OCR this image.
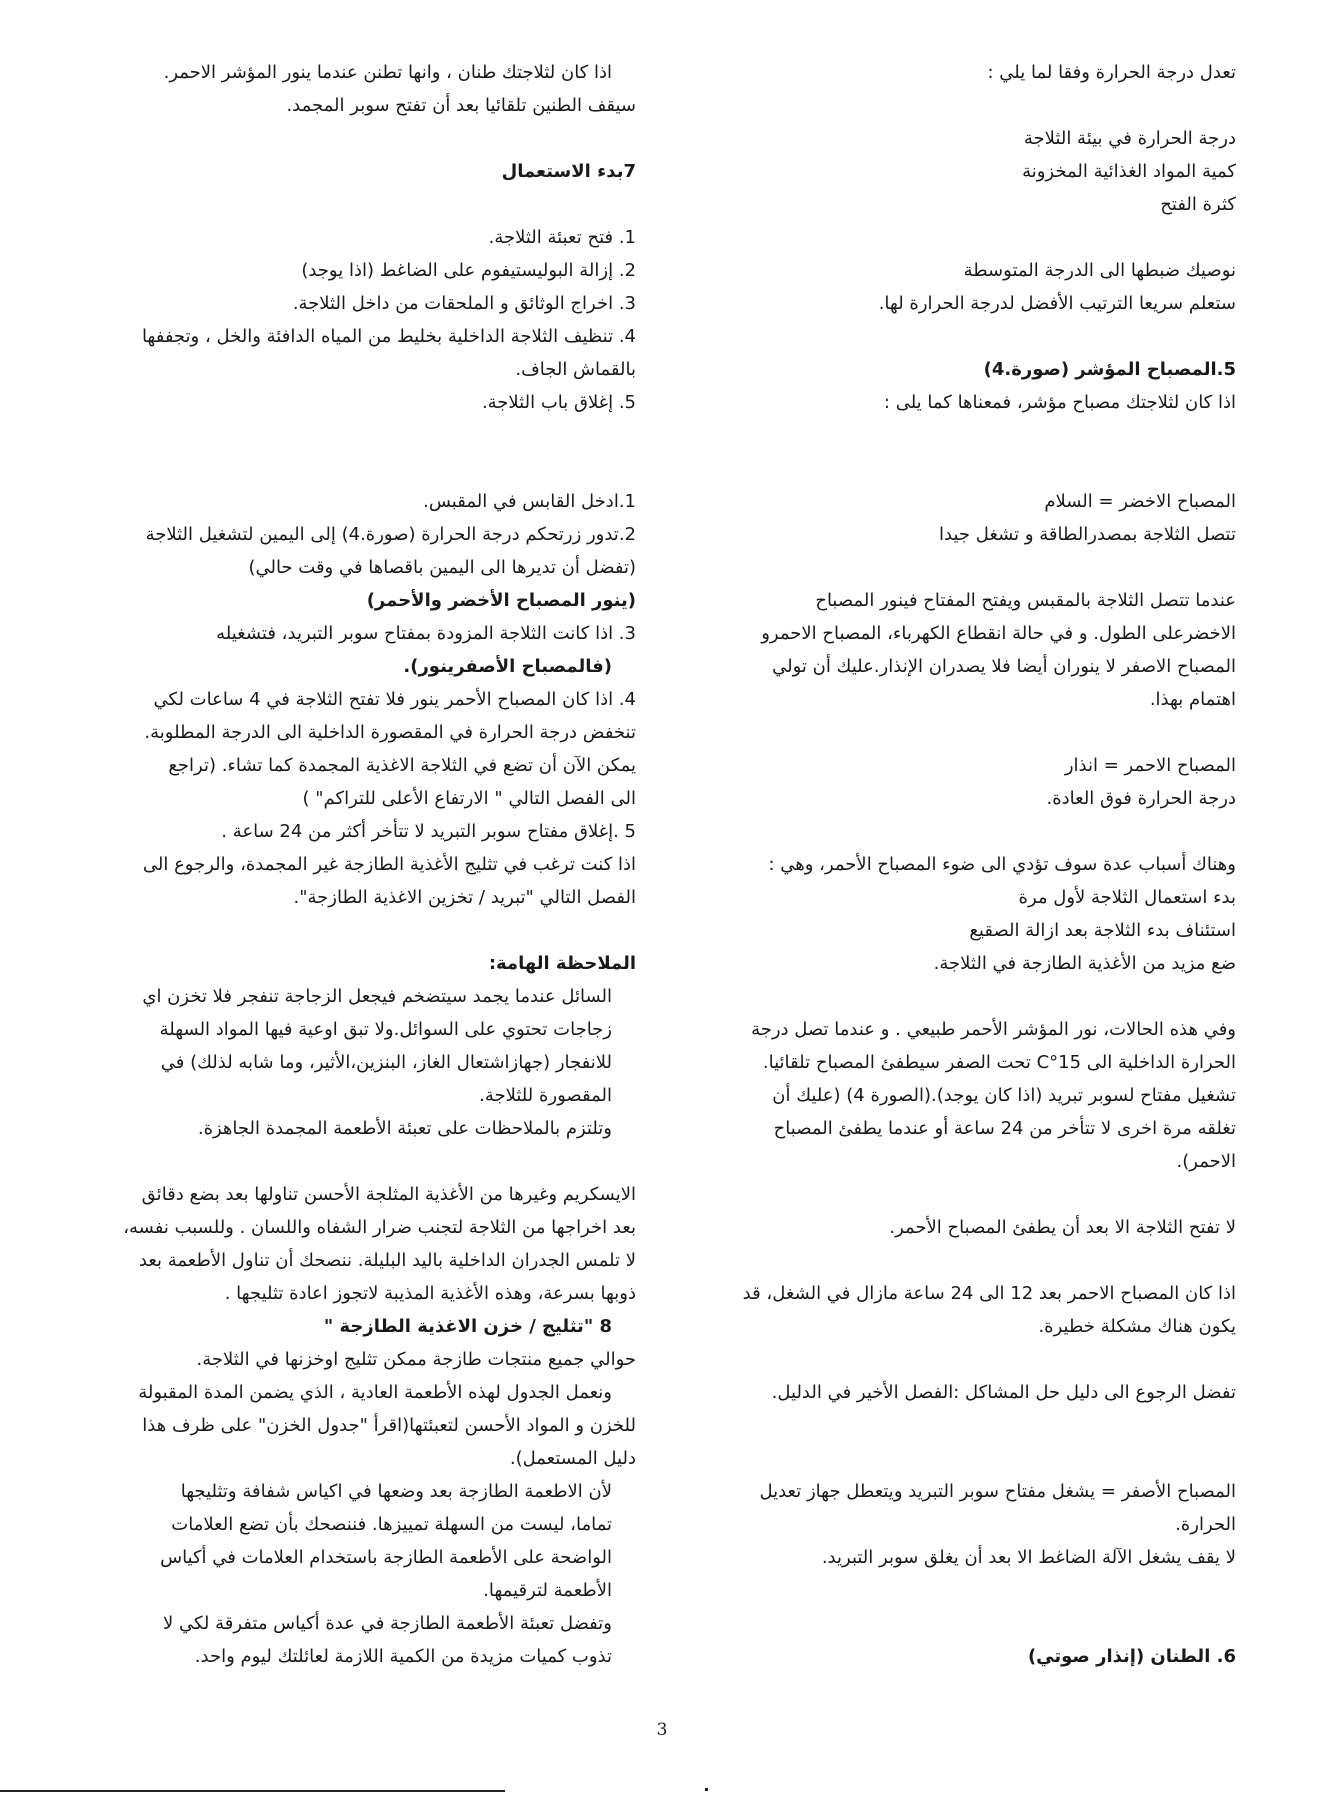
تعدل درجة الحرارة وفقا لما يلي :
درجة الحرارة في بيئة الثلاجة
كمية المواد الغذائية المخزونة
كثرة الفتح
نوصيك ضبطها الى الدرجة المتوسطة
ستعلم سريعا الترتيب الأفضل لدرجة الحرارة لها.
5.المصباح المؤشر (صورة.4)
اذا كان لثلاجتك مصباح مؤشر، فمعناها كما يلى :
المصباح الاخضر = السلام
تتصل الثلاجة بمصدرالطاقة و تشغل جيدا
عندما تتصل الثلاجة بالمقبس ويفتح المفتاح فينور المصباح
الاخضرعلى الطول. و في حالة انقطاع الكهرباء، المصباح الاحمرو
المصباح الاصفر لا ينوران أيضا فلا يصدران الإنذار.عليك أن تولي
اهتمام بهذا.
المصباح الاحمر = انذار
درجة الحرارة فوق العادة.
وهناك أسباب عدة سوف تؤدي الى ضوء المصباح الأحمر، وهي :
بدء استعمال الثلاجة لأول مرة
استئناف بدء الثلاجة بعد ازالة الصقيع
ضع مزيد من الأغذية الطازجة في الثلاجة.
وفي هذه الحالات، نور المؤشر الأحمر طبيعي . و عندما تصل درجة
الحرارة الداخلية الى 15°C تحت الصفر سيطفئ المصباح تلقائيا.
تشغيل مفتاح لسوبر تبريد (اذا كان يوجد).(الصورة 4) (عليك أن
تغلقه مرة اخرى لا تتأخر من 24 ساعة أو عندما يطفئ المصباح
الاحمر).
لا تفتح الثلاجة الا بعد أن يطفئ المصباح الأحمر.
اذا كان المصباح الاحمر بعد 12 الى 24 ساعة مازال في الشغل، قد
يكون هناك مشكلة خطيرة.
تفضل الرجوع الى دليل حل المشاكل :الفصل الأخير في الدليل.
المصباح الأصفر = يشغل مفتاح سوبر التبريد ويتعطل جهاز تعديل
الحرارة.
لا يقف يشغل الآلة الضاغط الا بعد أن يغلق سوبر التبريد.
6. الطنان (إنذار صوتي)
اذا كان لثلاجتك طنان ، وانها تطنن عندما ينور المؤشر الاحمر.
سيقف الطنين تلقائيا بعد أن تفتح سوبر المجمد.
7بدء الاستعمال
1. فتح تعبئة الثلاجة.
2. إزالة البوليستيفوم على الضاغط (اذا يوجد)
3. اخراج الوثائق و الملحقات من داخل الثلاجة.
4. تنظيف الثلاجة الداخلية بخليط من المياه الدافئة والخل ، وتجففها
بالقماش الجاف.
5. إغلاق باب الثلاجة.
1.ادخل القابس في المقبس.
2.تدور زرتحكم درجة الحرارة (صورة.4) إلى اليمين لتشغيل الثلاجة
(تفضل أن تديرها الى اليمين باقصاها في وقت حالي)
(ينور المصباح الأخضر والأحمر)
3. اذا كانت الثلاجة المزودة بمفتاح سوبر التبريد، فتشغيله
(فالمصباح الأصفرينور).
4. اذا كان المصباح الأحمر ينور فلا تفتح الثلاجة في 4 ساعات لكي
تنخفض درجة الحرارة في المقصورة الداخلية الى الدرجة المطلوبة.
يمكن الآن أن تضع في الثلاجة الاغذية المجمدة كما تشاء. (تراجع
الى الفصل التالي " الارتفاع الأعلى للتراكم" )
5 .إغلاق مفتاح سوبر التبريد لا تتأخر أكثر من 24 ساعة .
اذا كنت ترغب في تثليج الأغذية الطازجة غير المجمدة، والرجوع الى
الفصل التالي "تبريد / تخزين الاغذية الطازجة".
الملاحظة الهامة:
السائل عندما يجمد سيتضخم فيجعل الزجاجة تنفجر فلا تخزن اي
زجاجات تحتوي على السوائل.ولا تبق اوعية فيها المواد السهلة
للانفجار (جهازاشتعال الغاز، البنزين،الأثير، وما شابه لذلك) في
المقصورة للثلاجة.
وتلتزم بالملاحظات على تعبئة الأطعمة المجمدة الجاهزة.
الايسكريم وغيرها من الأغذية المثلجة الأحسن تناولها بعد بضع دقائق
بعد اخراجها من الثلاجة لتجنب ضرار الشفاه واللسان . وللسبب نفسه،
لا تلمس الجدران الداخلية باليد البليلة. ننصحك أن تناول الأطعمة بعد
ذوبها بسرعة، وهذه الأغذية المذيبة لاتجوز اعادة تثليجها .
8 "تثليج / خزن الاغذية الطازجة "
حوالي جميع منتجات طازجة ممكن تثليج اوخزنها في الثلاجة.
ونعمل الجدول لهذه الأطعمة العادية ، الذي يضمن المدة المقبولة
للخزن و المواد الأحسن لتعبئتها(اقرأ "جدول الخزن" على ظرف هذا
دليل المستعمل).
لأن الاطعمة الطازجة بعد وضعها في اكياس شفافة وتثليجها
تماما، ليست من السهلة تمييزها. فننصحك بأن تضع العلامات
الواضحة على الأطعمة الطازجة باستخدام العلامات في أكياس
الأطعمة لترقيمها.
وتفضل تعبئة الأطعمة الطازجة في عدة أكياس متفرقة لكي لا
تذوب كميات مزيدة من الكمية اللازمة لعائلتك ليوم واحد.
3
